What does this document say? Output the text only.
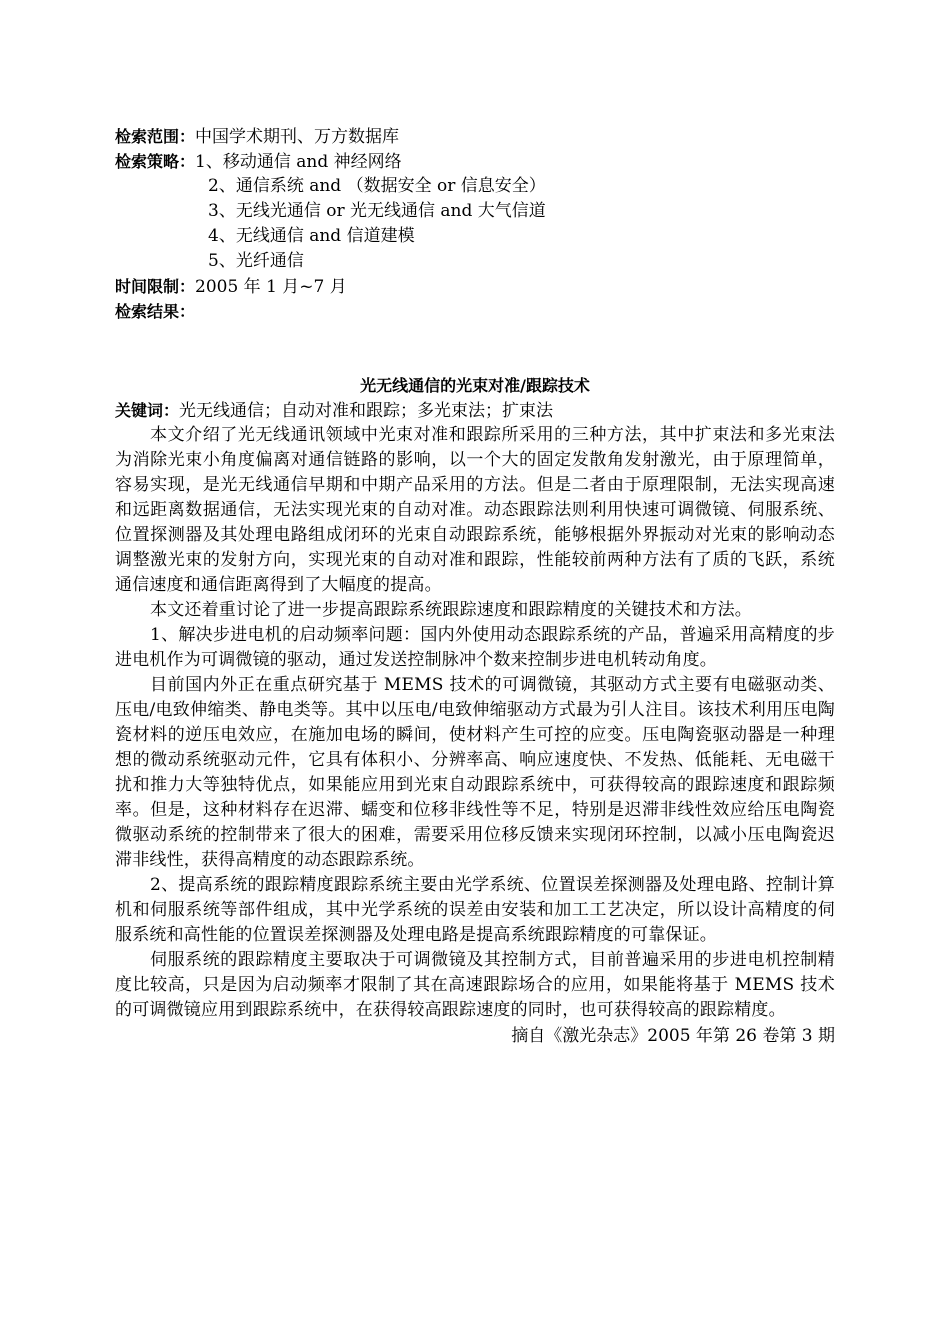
检索范围：中国学术期刊、万方数据库
检索策略：1、移动通信 and 神经网络
2、通信系统 and （数据安全 or 信息安全）
3、无线光通信 or 光无线通信 and 大气信道
4、无线通信 and 信道建模
5、光纤通信
时间限制：2005 年 1 月~7 月
检索结果：
光无线通信的光束对准/跟踪技术
关键词：光无线通信；自动对准和跟踪；多光束法；扩束法

本文介绍了光无线通讯领域中光束对准和跟踪所采用的三种方法，其中扩束法和多光束法为消除光束小角度偏离对通信链路的影响，以一个大的固定发散角发射激光，由于原理简单，容易实现，是光无线通信早期和中期产品采用的方法。但是二者由于原理限制，无法实现高速和远距离数据通信，无法实现光束的自动对准。动态跟踪法则利用快速可调微镜、伺服系统、位置探测器及其处理电路组成闭环的光束自动跟踪系统，能够根据外界振动对光束的影响动态调整激光束的发射方向，实现光束的自动对准和跟踪，性能较前两种方法有了质的飞跃，系统通信速度和通信距离得到了大幅度的提高。

本文还着重讨论了进一步提高跟踪系统跟踪速度和跟踪精度的关键技术和方法。

1、解决步进电机的启动频率问题：国内外使用动态跟踪系统的产品，普遍采用高精度的步进电机作为可调微镜的驱动，通过发送控制脉冲个数来控制步进电机转动角度。

目前国内外正在重点研究基于 MEMS 技术的可调微镜，其驱动方式主要有电磁驱动类、压电/电致伸缩类、静电类等。其中以压电/电致伸缩驱动方式最为引人注目。该技术利用压电陶瓷材料的逆压电效应，在施加电场的瞬间，使材料产生可控的应变。压电陶瓷驱动器是一种理想的微动系统驱动元件，它具有体积小、分辨率高、响应速度快、不发热、低能耗、无电磁干扰和推力大等独特优点，如果能应用到光束自动跟踪系统中，可获得较高的跟踪速度和跟踪频率。但是，这种材料存在迟滞、蠕变和位移非线性等不足，特别是迟滞非线性效应给压电陶瓷微驱动系统的控制带来了很大的困难，需要采用位移反馈来实现闭环控制，以减小压电陶瓷迟滞非线性，获得高精度的动态跟踪系统。

2、提高系统的跟踪精度跟踪系统主要由光学系统、位置误差探测器及处理电路、控制计算机和伺服系统等部件组成，其中光学系统的误差由安装和加工工艺决定，所以设计高精度的伺服系统和高性能的位置误差探测器及处理电路是提高系统跟踪精度的可靠保证。

伺服系统的跟踪精度主要取决于可调微镜及其控制方式，目前普遍采用的步进电机控制精度比较高，只是因为启动频率才限制了其在高速跟踪场合的应用，如果能将基于 MEMS 技术的可调微镜应用到跟踪系统中，在获得较高跟踪速度的同时，也可获得较高的跟踪精度。

摘自《激光杂志》2005 年第 26 卷第 3 期
